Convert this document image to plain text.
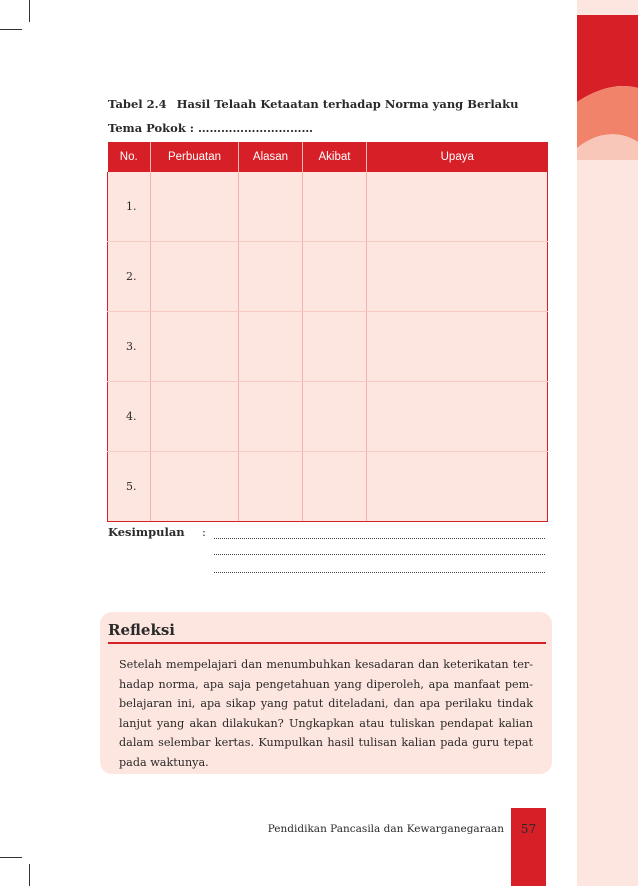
Tabel 2.4 Hasil Telaah Ketaatan terhadap Norma yang Berlaku
Tema Pokok : …………………………
No.	Perbuatan	Alasan	Akibat	Upaya
1.				
2.				
3.				
4.				
5.				
Kesimpulan :
Refleksi
Setelah mempelajari dan menumbuhkan kesadaran dan keterikatan ter-hadap norma, apa saja pengetahuan yang diperoleh, apa manfaat pem-belajaran ini, apa sikap yang patut diteladani, dan apa perilaku tindak lanjut yang akan dilakukan? Ungkapkan atau tuliskan pendapat kalian dalam selembar kertas. Kumpulkan hasil tulisan kalian pada guru tepat pada waktunya.
Pendidikan Pancasila dan Kewarganegaraan	57
